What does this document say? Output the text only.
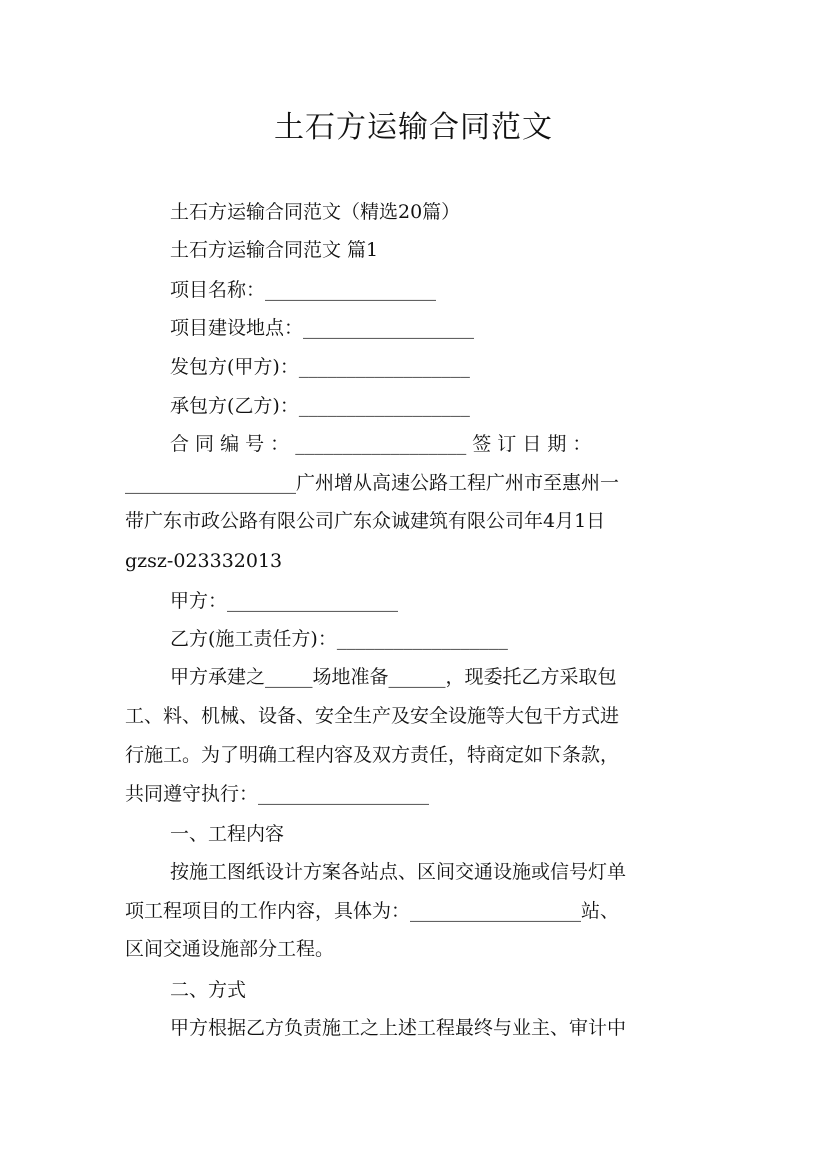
土石方运输合同范文
土石方运输合同范文（精选20篇）
土石方运输合同范文 篇1
项目名称：__________________
项目建设地点：__________________
发包方(甲方)：__________________
承包方(乙方)：__________________
合 同 编 号 ： __________________ 签 订 日 期 ：
__________________广州增从高速公路工程广州市至惠州一
带广东市政公路有限公司广东众诚建筑有限公司年4月1日
gzsz-023332013
甲方：__________________
乙方(施工责任方)：__________________
甲方承建之_____场地准备______，现委托乙方采取包
工、料、机械、设备、安全生产及安全设施等大包干方式进
行施工。为了明确工程内容及双方责任，特商定如下条款，
共同遵守执行：__________________
一、工程内容
按施工图纸设计方案各站点、区间交通设施或信号灯单
项工程项目的工作内容，具体为：__________________站、
区间交通设施部分工程。
二、方式
甲方根据乙方负责施工之上述工程最终与业主、审计中
